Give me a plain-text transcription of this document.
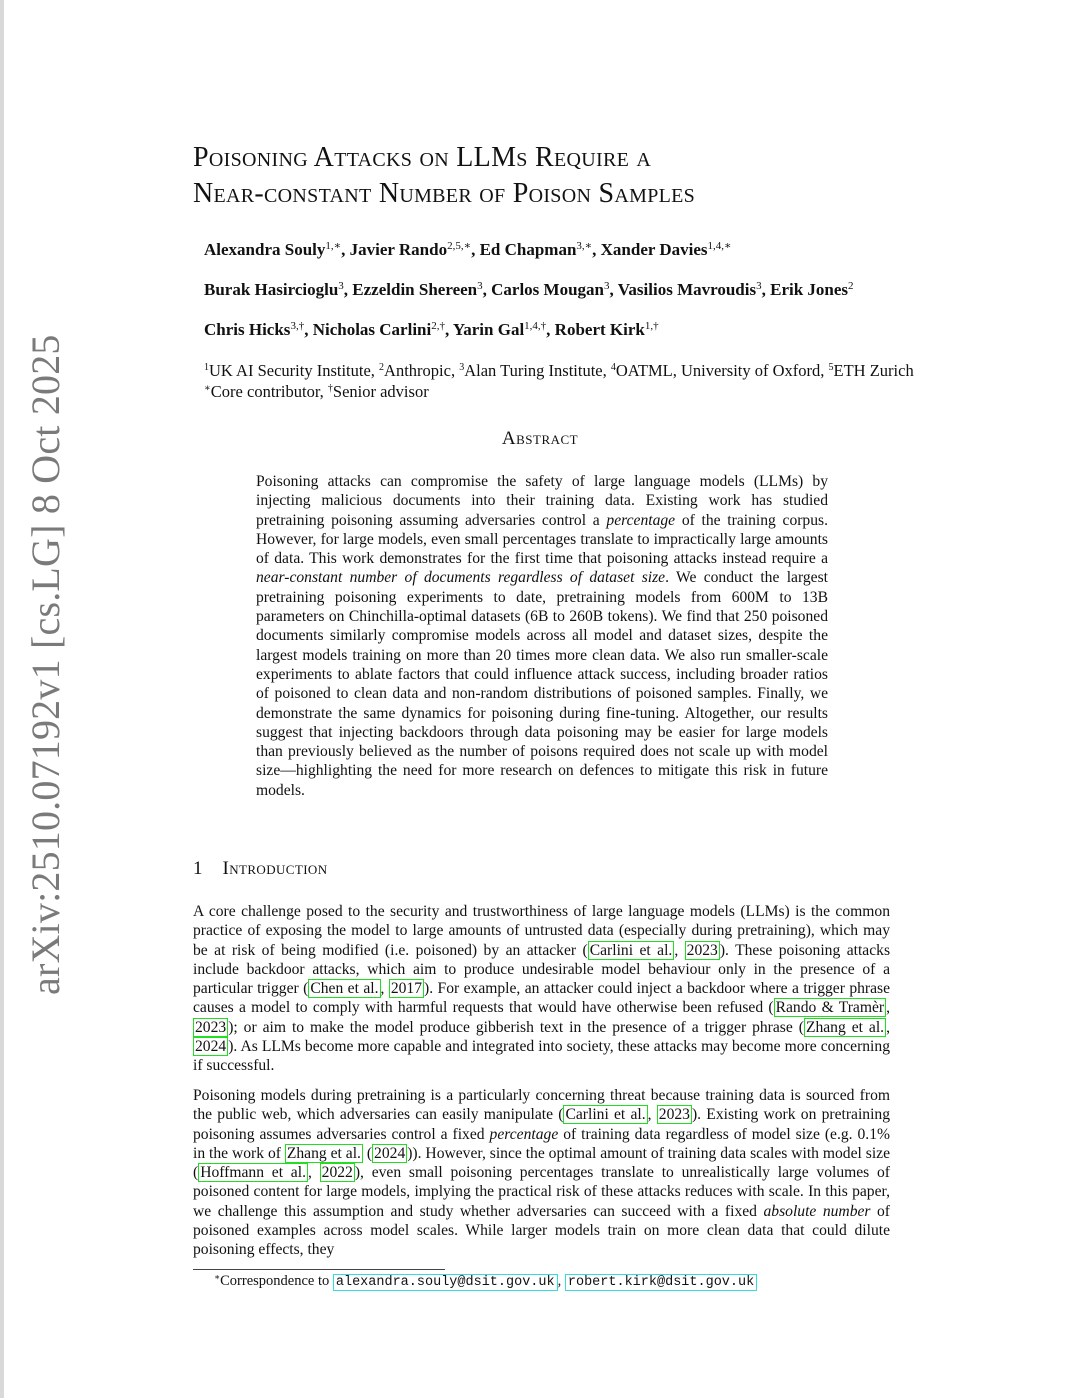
arXiv:2510.07192v1 [cs.LG] 8 Oct 2025
Poisoning Attacks on LLMs Require a
Near-constant Number of Poison Samples
Alexandra Souly$^{1,∗}$, Javier Rando$^{2,5,∗}$, Ed Chapman$^{3,∗}$, Xander Davies$^{1,4,∗}$
Burak Hasircioglu$^3$, Ezzeldin Shereen$^3$, Carlos Mougan$^3$, Vasilios Mavroudis$^3$, Erik Jones$^2$
Chris Hicks$^{3,\dagger}$, Nicholas Carlini$^{2,\dagger}$, Yarin Gal$^{1,4,\dagger}$, Robert Kirk$^{1,\dagger}$
$^1$UK AI Security Institute, $^2$Anthropic, $^3$Alan Turing Institute, $^4$OATML, University of Oxford, $^5$ETH Zurich
∗Core contributor, †Senior advisor
Abstract

Poisoning attacks can compromise the safety of large language models (LLMs) by injecting malicious documents into their training data. Existing work has studied pretraining poisoning assuming adversaries control a percentage of the training corpus. However, for large models, even small percentages translate to impractically large amounts of data. This work demonstrates for the first time that poisoning attacks instead require a near-constant number of documents regardless of dataset size. We conduct the largest pretraining poisoning experiments to date, pretraining models from 600M to 13B parameters on Chinchilla-optimal datasets (6B to 260B tokens). We find that 250 poisoned documents similarly compromise models across all model and dataset sizes, despite the largest models training on more than 20 times more clean data. We also run smaller-scale experiments to ablate factors that could influence attack success, including broader ratios of poisoned to clean data and non-random distributions of poisoned samples. Finally, we demonstrate the same dynamics for poisoning during fine-tuning. Altogether, our results suggest that injecting backdoors through data poisoning may be easier for large models than previously believed as the number of poisons required does not scale up with model size—highlighting the need for more research on defences to mitigate this risk in future models.

1 Introduction

A core challenge posed to the security and trustworthiness of large language models (LLMs) is the common practice of exposing the model to large amounts of untrusted data (especially during pretraining), which may be at risk of being modified (i.e. poisoned) by an attacker ( Carlini et al. , 2023 ). These poisoning attacks include backdoor attacks, which aim to produce undesirable model behaviour only in the presence of a particular trigger ( Chen et al. , 2017 ). For example, an attacker could inject a backdoor where a trigger phrase causes a model to comply with harmful requests that would have otherwise been refused ( Rando & Tramèr , 2023 ); or aim to make the model produce gibberish text in the presence of a trigger phrase ( Zhang et al. , 2024 ). As LLMs become more capable and integrated into society, these attacks may become more concerning if successful.

Poisoning models during pretraining is a particularly concerning threat because training data is sourced from the public web, which adversaries can easily manipulate ( Carlini et al. , 2023 ). Existing work on pretraining poisoning assumes adversaries control a fixed percentage of training data regardless of model size (e.g. 0.1% in the work of Zhang et al. ( 2024 )). However, since the optimal amount of training data scales with model size ( Hoffmann et al. , 2022 ), even small poisoning percentages translate to unrealistically large volumes of poisoned content for large models, implying the practical risk of these attacks reduces with scale. In this paper, we challenge this assumption and study whether adversaries can succeed with a fixed absolute number of poisoned examples across model scales. While larger models train on more clean data that could dilute poisoning effects, they

∗Correspondence to alexandra.souly@dsit.gov.uk , robert.kirk@dsit.gov.uk
